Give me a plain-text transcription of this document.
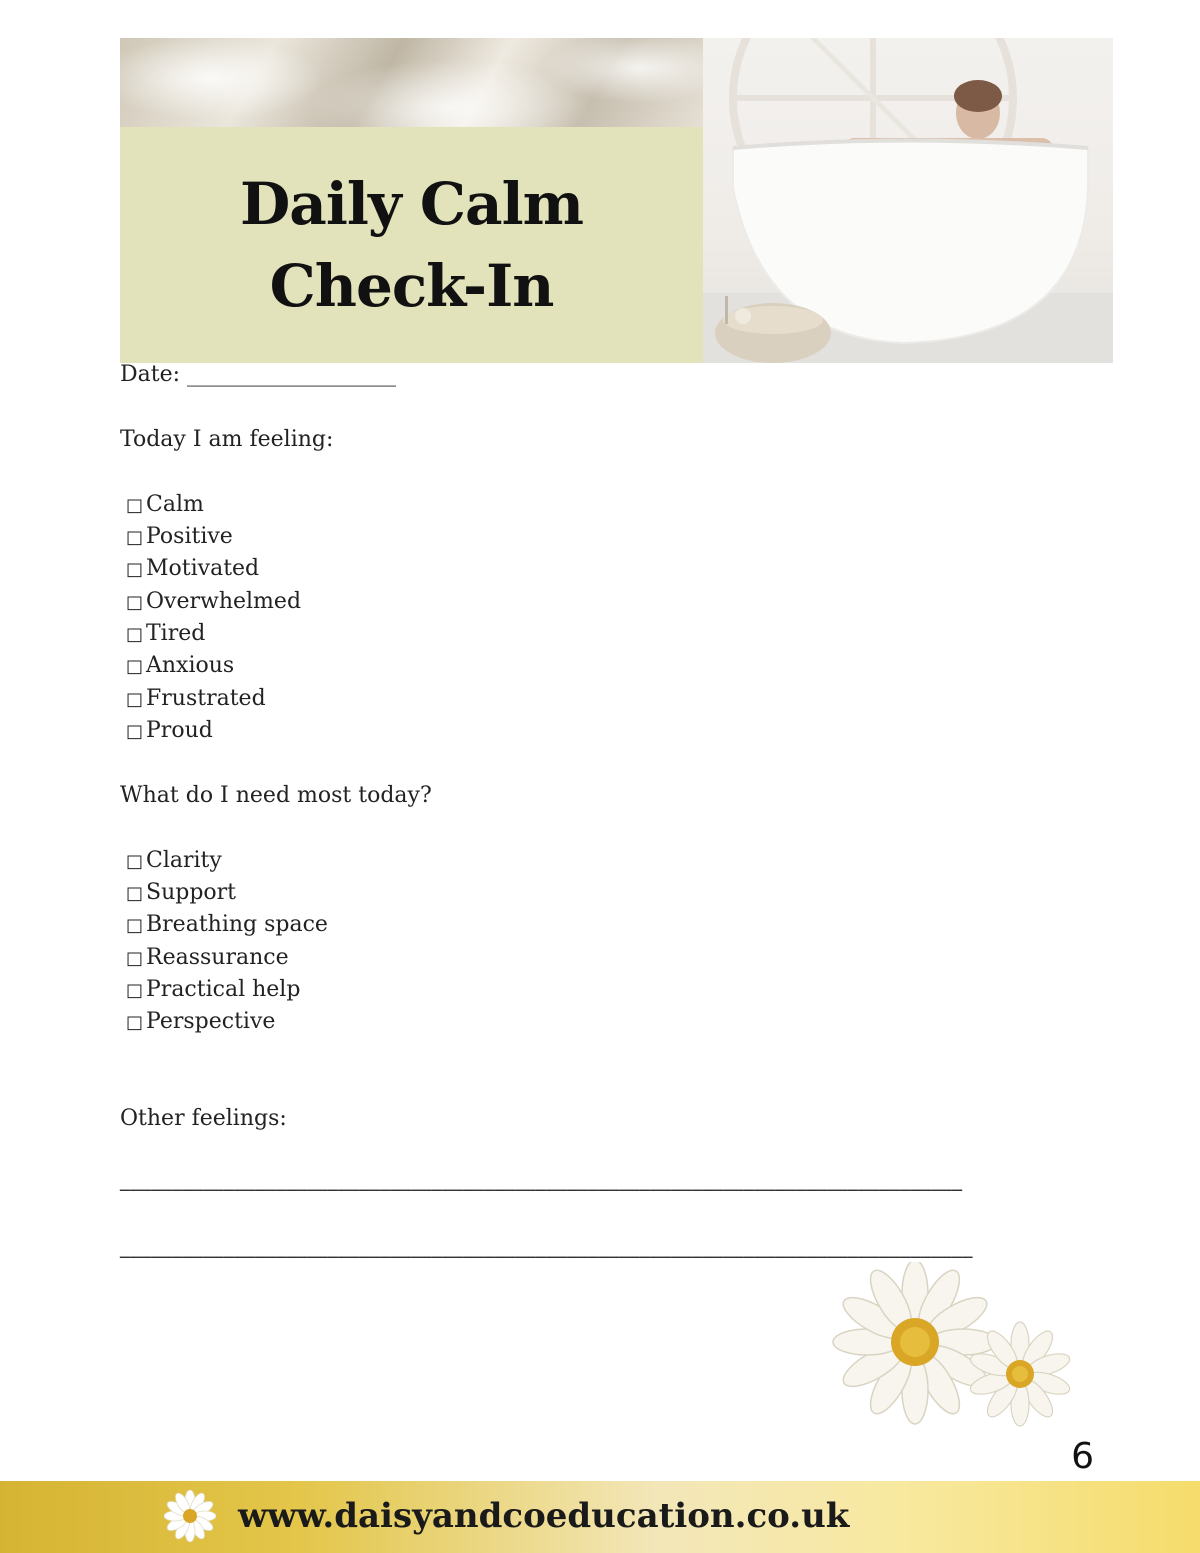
Daily Calm
Check-In
Date: ___________________
Today I am feeling:
□ Calm
□ Positive
□ Motivated
□ Overwhelmed
□ Tired
□ Anxious
□ Frustrated
□ Proud
What do I need most today?
□ Clarity
□ Support
□ Breathing space
□ Reassurance
□ Practical help
□ Perspective
Other feelings:
_________________________________________________________________________________
__________________________________________________________________________________
6
www.daisyandcoeducation.co.uk
